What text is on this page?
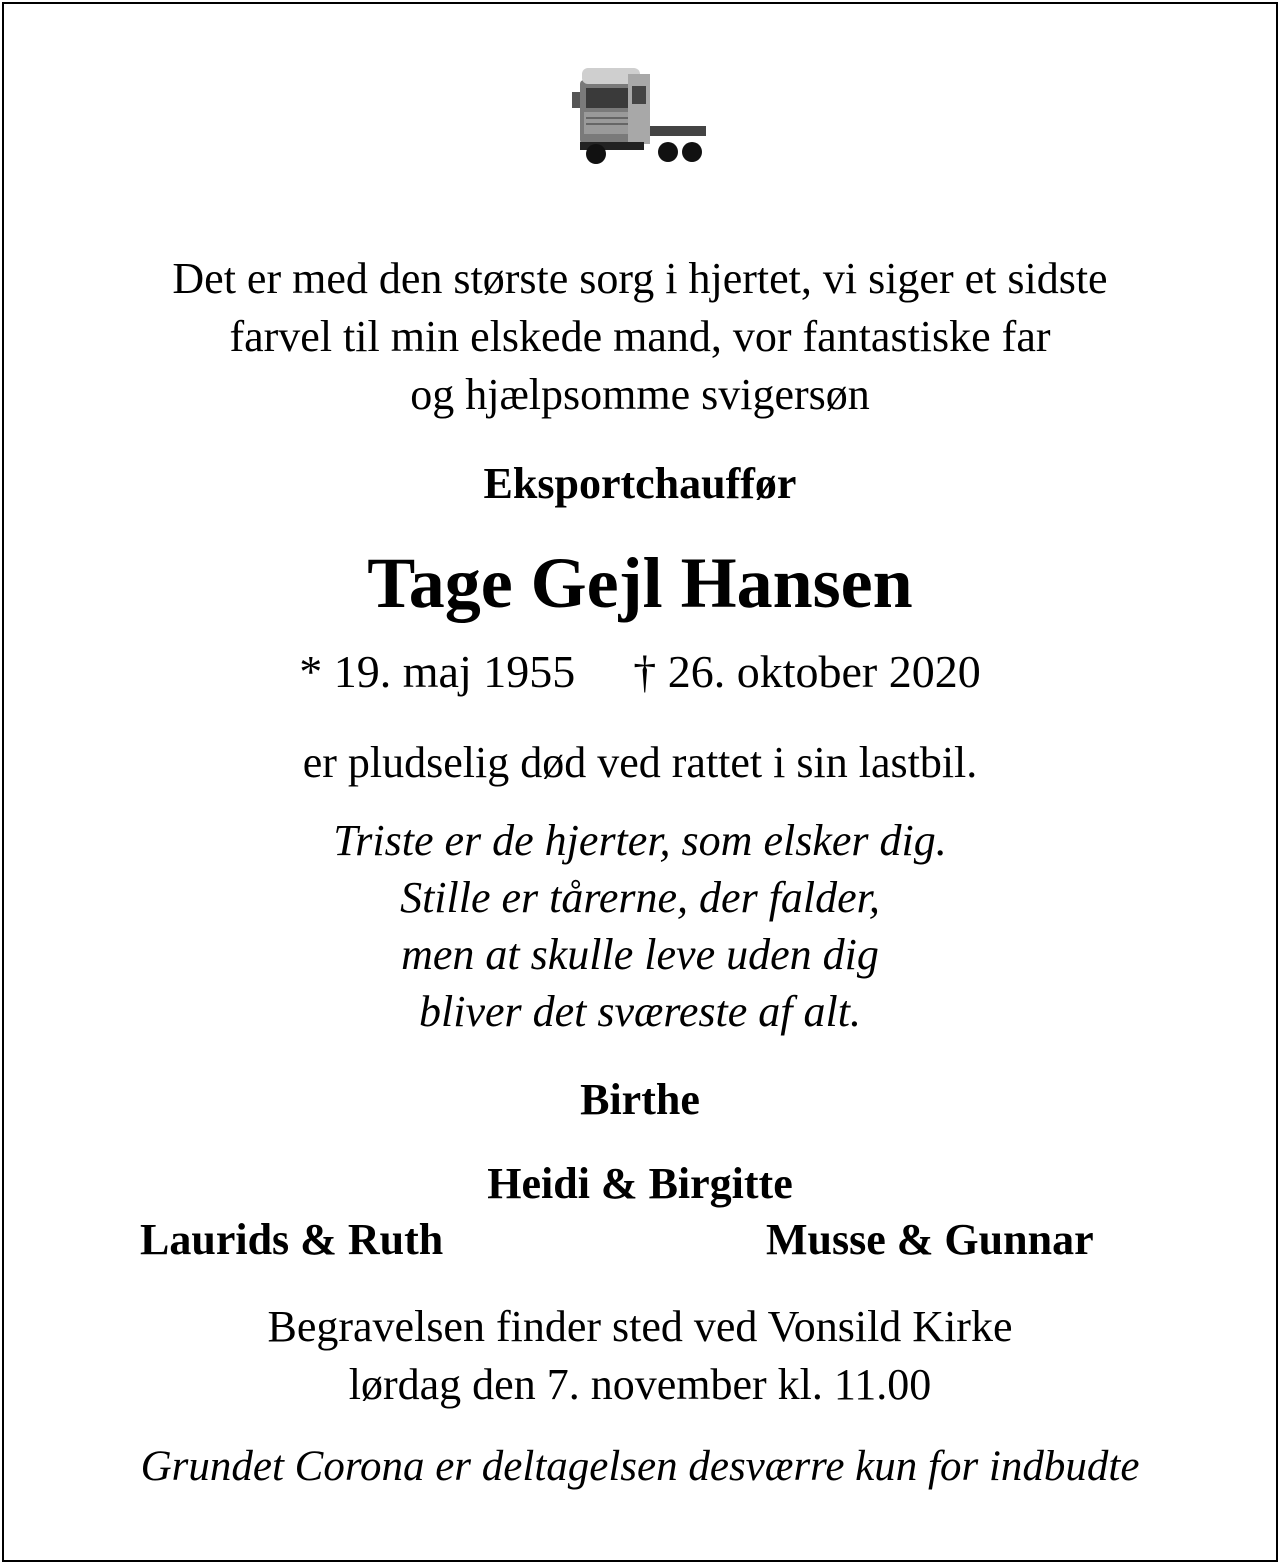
Det er med den største sorg i hjertet, vi siger et sidste
farvel til min elskede mand, vor fantastiske far
og hjælpsomme svigersøn
Eksportchauffør
Tage Gejl Hansen
* 19. maj 1955 † 26. oktober 2020
er pludselig død ved rattet i sin lastbil.
Triste er de hjerter, som elsker dig.
Stille er tårerne, der falder,
men at skulle leve uden dig
bliver det sværeste af alt.
Birthe
Heidi & Birgitte
Laurids & Ruth	Musse & Gunnar
Begravelsen finder sted ved Vonsild Kirke
lørdag den 7. november kl. 11.00
Grundet Corona er deltagelsen desværre kun for indbudte
